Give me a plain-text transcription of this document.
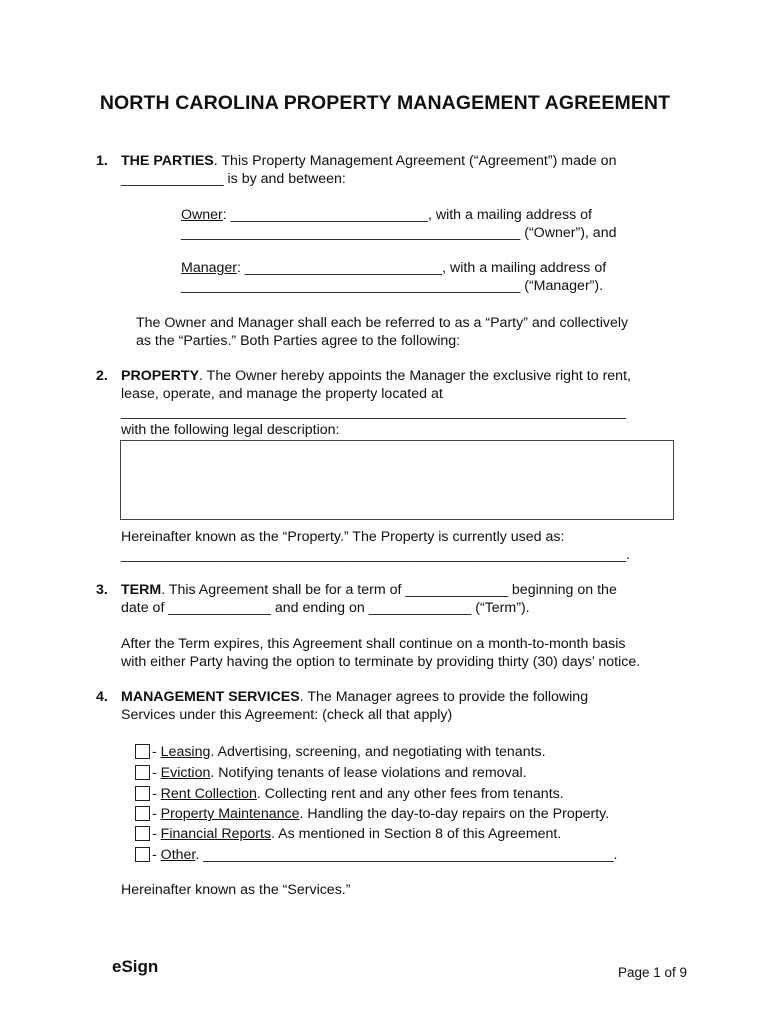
NORTH CAROLINA PROPERTY MANAGEMENT AGREEMENT
1. THE PARTIES. This Property Management Agreement (“Agreement”) made on
_____________ is by and between:
Owner: _________________________, with a mailing address of
___________________________________________ (“Owner”), and
Manager: _________________________, with a mailing address of
___________________________________________ (“Manager”).
The Owner and Manager shall each be referred to as a “Party” and collectively
as the “Parties.” Both Parties agree to the following:
2. PROPERTY. The Owner hereby appoints the Manager the exclusive right to rent,
lease, operate, and manage the property located at
________________________________________________________________
with the following legal description:
Hereinafter known as the “Property.” The Property is currently used as:
________________________________________________________________.
3. TERM. This Agreement shall be for a term of _____________ beginning on the
date of _____________ and ending on _____________ (“Term”).
After the Term expires, this Agreement shall continue on a month-to-month basis
with either Party having the option to terminate by providing thirty (30) days’ notice.
4. MANAGEMENT SERVICES. The Manager agrees to provide the following
Services under this Agreement: (check all that apply)
- Leasing. Advertising, screening, and negotiating with tenants.
- Eviction. Notifying tenants of lease violations and removal.
- Rent Collection. Collecting rent and any other fees from tenants.
- Property Maintenance. Handling the day-to-day repairs on the Property.
- Financial Reports. As mentioned in Section 8 of this Agreement.
- Other. ____________________________________________________.
Hereinafter known as the “Services.”
eSign	Page 1 of 9
